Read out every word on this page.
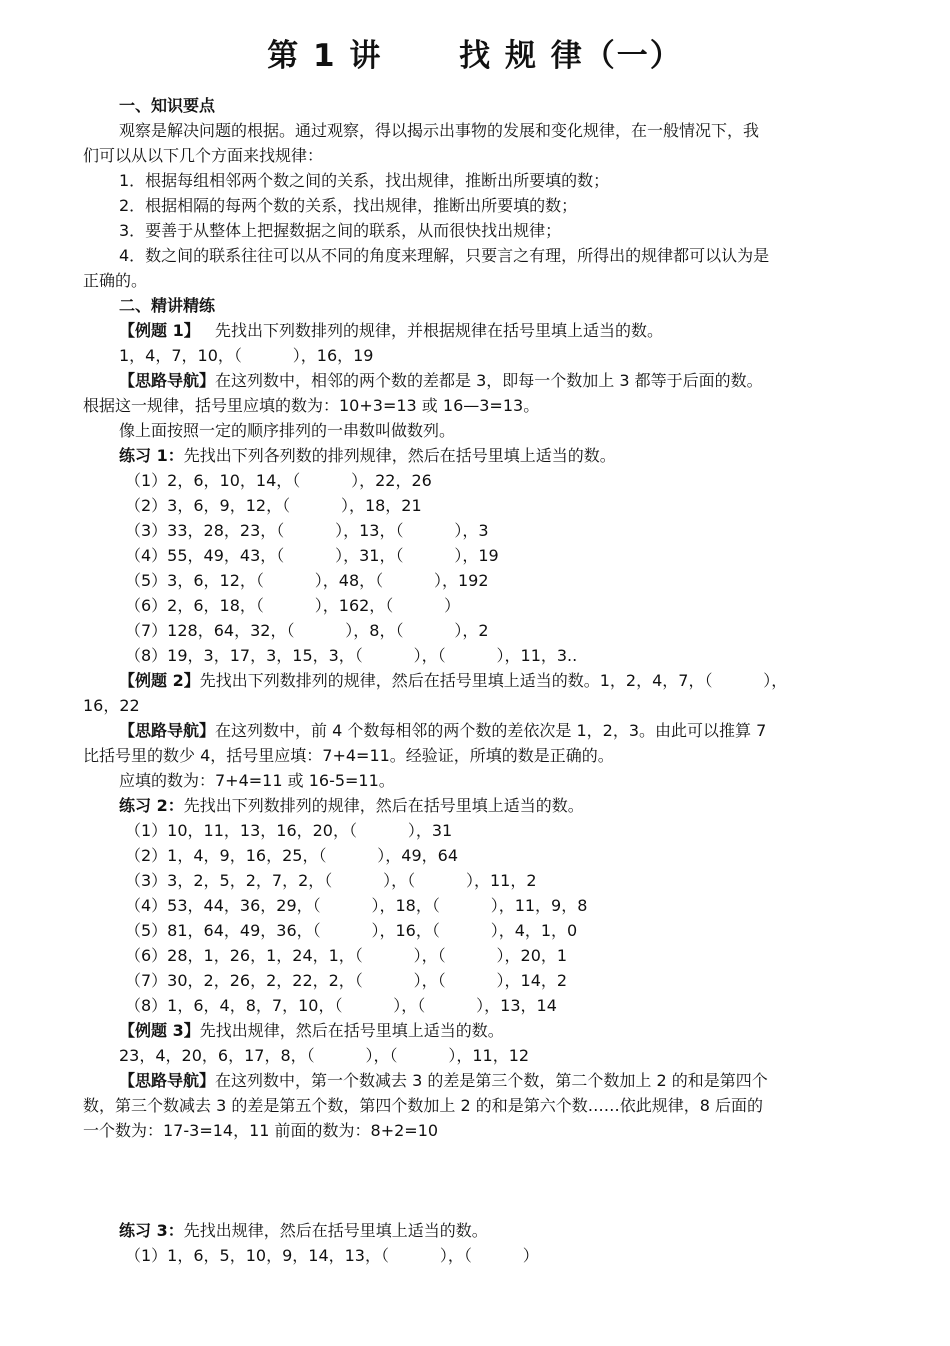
第 1 讲      找 规 律（一）
一、知识要点
观察是解决问题的根据。通过观察，得以揭示出事物的发展和变化规律，在一般情况下，我
们可以从以下几个方面来找规律：
1．根据每组相邻两个数之间的关系，找出规律，推断出所要填的数；
2．根据相隔的每两个数的关系，找出规律，推断出所要填的数；
3．要善于从整体上把握数据之间的联系，从而很快找出规律；
4．数之间的联系往往可以从不同的角度来理解，只要言之有理，所得出的规律都可以认为是
正确的。
二、精讲精练
【例题 1】   先找出下列数排列的规律，并根据规律在括号里填上适当的数。
1，4，7，10，（          ），16，19
【思路导航】在这列数中，相邻的两个数的差都是 3，即每一个数加上 3 都等于后面的数。
根据这一规律，括号里应填的数为：10+3=13 或 16—3=13。
像上面按照一定的顺序排列的一串数叫做数列。
练习 1：先找出下列各列数的排列规律，然后在括号里填上适当的数。
（1）2，6，10，14，（          ），22，26
（2）3，6，9，12，（          ），18，21
（3）33，28，23，（          ），13，（          ），3
（4）55，49，43，（          ），31，（          ），19
（5）3，6，12，（          ），48，（          ），192
（6）2，6，18，（          ），162，（          ）
（7）128，64，32，（          ），8，（          ），2
（8）19，3，17，3，15，3，（          ），（          ），11，3..
【例题 2】先找出下列数排列的规律，然后在括号里填上适当的数。1，2，4，7，（          ），
16，22
【思路导航】在这列数中，前 4 个数每相邻的两个数的差依次是 1，2，3。由此可以推算 7
比括号里的数少 4，括号里应填：7+4=11。经验证，所填的数是正确的。
应填的数为：7+4=11 或 16-5=11。
练习 2：先找出下列数排列的规律，然后在括号里填上适当的数。
（1）10，11，13，16，20，（          ），31
（2）1，4，9，16，25，（          ），49，64
（3）3，2，5，2，7，2，（          ），（          ），11，2
（4）53，44，36，29，（          ），18，（          ），11，9，8
（5）81，64，49，36，（          ），16，（          ），4，1，0
（6）28，1，26，1，24，1，（          ），（          ），20，1
（7）30，2，26，2，22，2，（          ），（          ），14，2
（8）1，6，4，8，7，10，（          ），（          ），13，14
【例题 3】先找出规律，然后在括号里填上适当的数。
23，4，20，6，17，8，（          ），（          ），11，12
【思路导航】在这列数中，第一个数减去 3 的差是第三个数，第二个数加上 2 的和是第四个
数，第三个数减去 3 的差是第五个数，第四个数加上 2 的和是第六个数……依此规律，8 后面的
一个数为：17-3=14，11 前面的数为：8+2=10
练习 3：先找出规律，然后在括号里填上适当的数。
（1）1，6，5，10，9，14，13，（          ），（          ）
